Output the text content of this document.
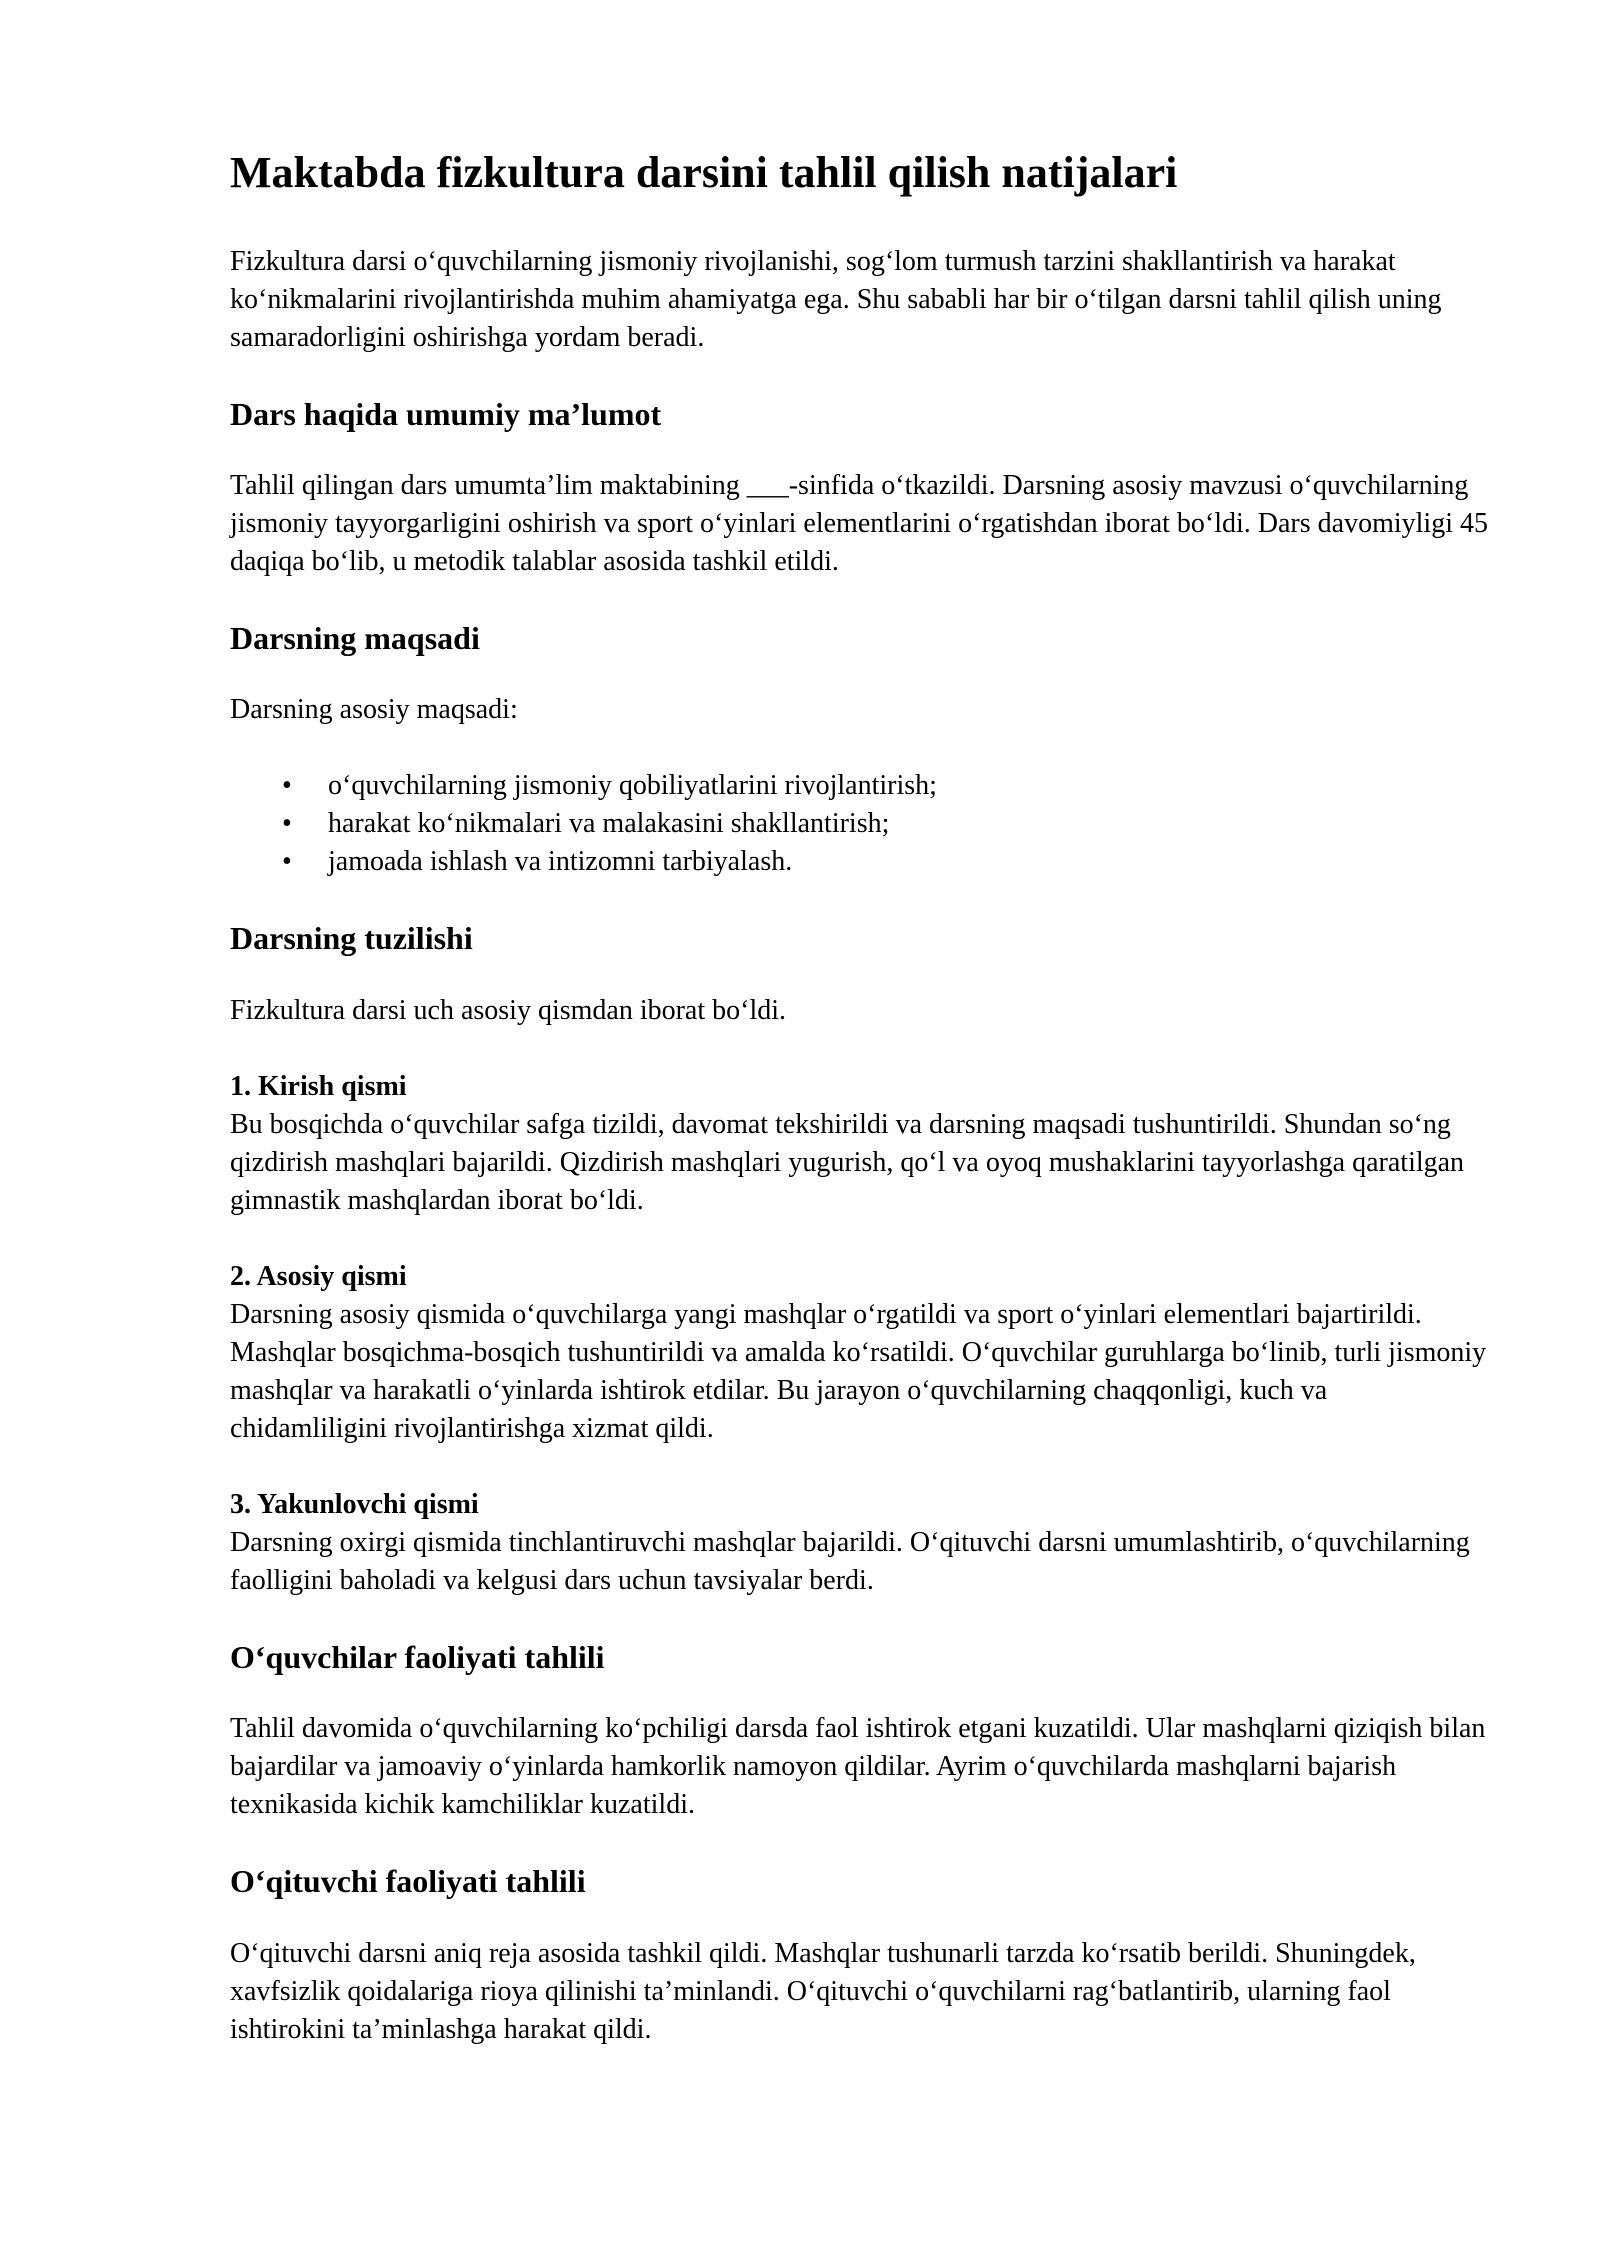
Maktabda fizkultura darsini tahlil qilish natijalari

Fizkultura darsi o‘quvchilarning jismoniy rivojlanishi, sog‘lom turmush tarzini shakllantirish va harakat ko‘nikmalarini rivojlantirishda muhim ahamiyatga ega. Shu sababli har bir o‘tilgan darsni tahlil qilish uning samaradorligini oshirishga yordam beradi.

Dars haqida umumiy ma’lumot

Tahlil qilingan dars umumta’lim maktabining ___-sinfida o‘tkazildi. Darsning asosiy mavzusi o‘quvchilarning jismoniy tayyorgarligini oshirish va sport o‘yinlari elementlarini o‘rgatishdan iborat bo‘ldi. Dars davomiyligi 45 daqiqa bo‘lib, u metodik talablar asosida tashkil etildi.

Darsning maqsadi

Darsning asosiy maqsadi:

• o‘quvchilarning jismoniy qobiliyatlarini rivojlantirish;
• harakat ko‘nikmalari va malakasini shakllantirish;
• jamoada ishlash va intizomni tarbiyalash.
Darsning tuzilishi

Fizkultura darsi uch asosiy qismdan iborat bo‘ldi.

1. Kirish qismi
Bu bosqichda o‘quvchilar safga tizildi, davomat tekshirildi va darsning maqsadi tushuntirildi. Shundan so‘ng qizdirish mashqlari bajarildi. Qizdirish mashqlari yugurish, qo‘l va oyoq mushaklarini tayyorlashga qaratilgan gimnastik mashqlardan iborat bo‘ldi.
2. Asosiy qismi
Darsning asosiy qismida o‘quvchilarga yangi mashqlar o‘rgatildi va sport o‘yinlari elementlari bajartirildi. Mashqlar bosqichma-bosqich tushuntirildi va amalda ko‘rsatildi. O‘quvchilar guruhlarga bo‘linib, turli jismoniy mashqlar va harakatli o‘yinlarda ishtirok etdilar. Bu jarayon o‘quvchilarning chaqqonligi, kuch va chidamliligini rivojlantirishga xizmat qildi.
3. Yakunlovchi qismi
Darsning oxirgi qismida tinchlantiruvchi mashqlar bajarildi. O‘qituvchi darsni umumlashtirib, o‘quvchilarning faolligini baholadi va kelgusi dars uchun tavsiyalar berdi.
O‘quvchilar faoliyati tahlili

Tahlil davomida o‘quvchilarning ko‘pchiligi darsda faol ishtirok etgani kuzatildi. Ular mashqlarni qiziqish bilan bajardilar va jamoaviy o‘yinlarda hamkorlik namoyon qildilar. Ayrim o‘quvchilarda mashqlarni bajarish texnikasida kichik kamchiliklar kuzatildi.

O‘qituvchi faoliyati tahlili

O‘qituvchi darsni aniq reja asosida tashkil qildi. Mashqlar tushunarli tarzda ko‘rsatib berildi. Shuningdek, xavfsizlik qoidalariga rioya qilinishi ta’minlandi. O‘qituvchi o‘quvchilarni rag‘batlantirib, ularning faol ishtirokini ta’minlashga harakat qildi.
